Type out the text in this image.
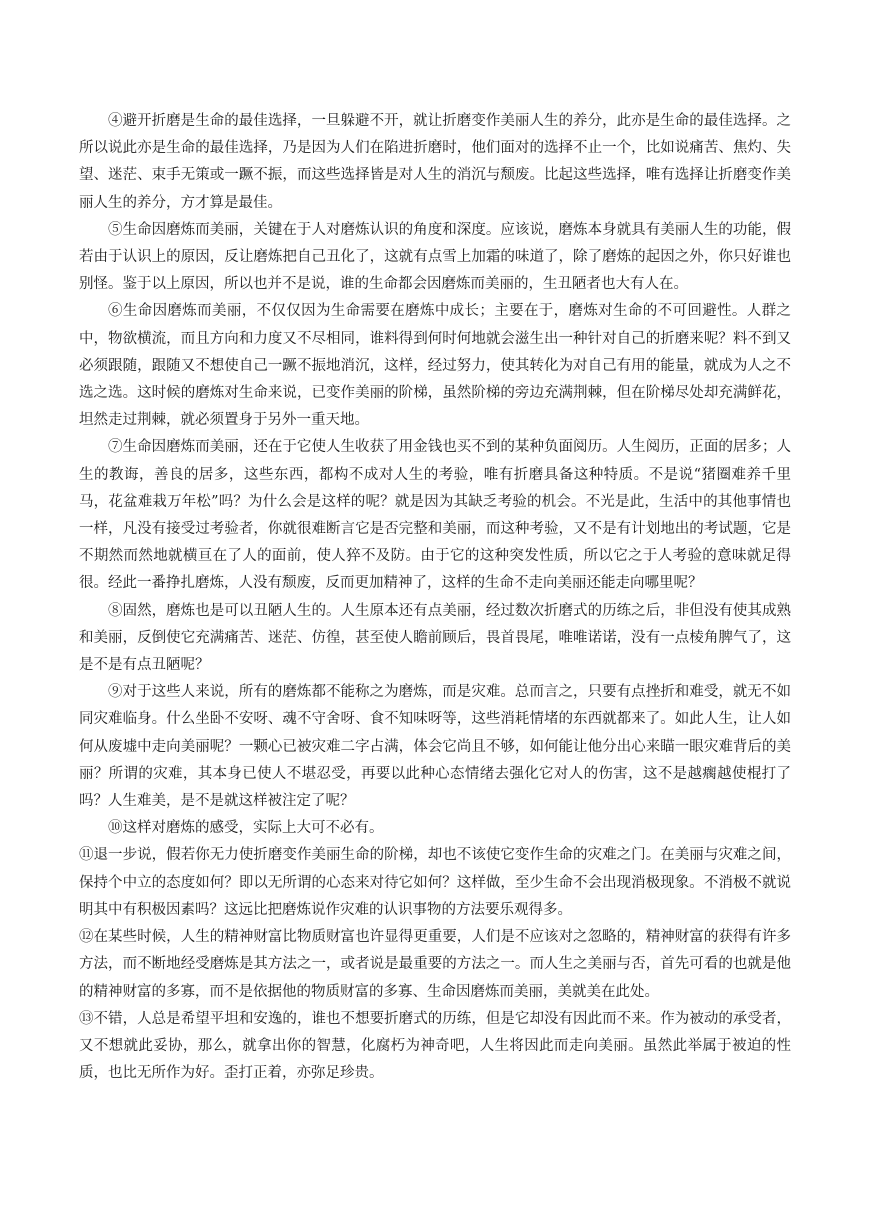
④避开折磨是生命的最佳选择，一旦躲避不开，就让折磨变作美丽人生的养分，此亦是生命的最佳选择。之所以说此亦是生命的最佳选择，乃是因为人们在陷进折磨时，他们面对的选择不止一个，比如说痛苦、焦灼、失望、迷茫、束手无策或一蹶不振，而这些选择皆是对人生的消沉与颓废。比起这些选择，唯有选择让折磨变作美丽人生的养分，方才算是最佳。

⑤生命因磨炼而美丽，关键在于人对磨炼认识的角度和深度。应该说，磨炼本身就具有美丽人生的功能，假若由于认识上的原因，反让磨炼把自己丑化了，这就有点雪上加霜的味道了，除了磨炼的起因之外，你只好谁也别怪。鉴于以上原因，所以也并不是说，谁的生命都会因磨炼而美丽的，生丑陋者也大有人在。

⑥生命因磨炼而美丽，不仅仅因为生命需要在磨炼中成长；主要在于，磨炼对生命的不可回避性。人群之中，物欲横流，而且方向和力度又不尽相同，谁料得到何时何地就会滋生出一种针对自己的折磨来呢？料不到又必须跟随，跟随又不想使自己一蹶不振地消沉，这样，经过努力，使其转化为对自己有用的能量，就成为人之不选之选。这时候的磨炼对生命来说，已变作美丽的阶梯，虽然阶梯的旁边充满荆棘，但在阶梯尽处却充满鲜花，坦然走过荆棘，就必须置身于另外一重天地。

⑦生命因磨炼而美丽，还在于它使人生收获了用金钱也买不到的某种负面阅历。人生阅历，正面的居多；人生的教诲，善良的居多，这些东西，都构不成对人生的考验，唯有折磨具备这种特质。不是说“猪圈难养千里马，花盆难栽万年松”吗？为什么会是这样的呢？就是因为其缺乏考验的机会。不光是此，生活中的其他事情也一样，凡没有接受过考验者，你就很难断言它是否完整和美丽，而这种考验，又不是有计划地出的考试题，它是不期然而然地就横亘在了人的面前，使人猝不及防。由于它的这种突发性质，所以它之于人考验的意味就足得很。经此一番挣扎磨炼，人没有颓废，反而更加精神了，这样的生命不走向美丽还能走向哪里呢？

⑧固然，磨炼也是可以丑陋人生的。人生原本还有点美丽，经过数次折磨式的历练之后，非但没有使其成熟和美丽，反倒使它充满痛苦、迷茫、仿徨，甚至使人瞻前顾后，畏首畏尾，唯唯诺诺，没有一点棱角脾气了，这是不是有点丑陋呢？

⑨对于这些人来说，所有的磨炼都不能称之为磨炼，而是灾难。总而言之，只要有点挫折和难受，就无不如同灾难临身。什么坐卧不安呀、魂不守舍呀、食不知味呀等，这些消耗情堵的东西就都来了。如此人生，让人如何从废墟中走向美丽呢？一颗心已被灾难二字占满，体会它尚且不够，如何能让他分出心来瞄一眼灾难背后的美丽？所谓的灾难，其本身已使人不堪忍受，再要以此种心态情绪去强化它对人的伤害，这不是越瘸越使棍打了吗？人生难美，是不是就这样被注定了呢？

⑩这样对磨炼的感受，实际上大可不必有。

⑪退一步说，假若你无力使折磨变作美丽生命的阶梯，却也不该使它变作生命的灾难之门。在美丽与灾难之间，保持个中立的态度如何？即以无所谓的心态来对待它如何？这样做，至少生命不会出现消极现象。不消极不就说明其中有积极因素吗？这远比把磨炼说作灾难的认识事物的方法要乐观得多。

⑫在某些时候，人生的精神财富比物质财富也许显得更重要，人们是不应该对之忽略的，精神财富的获得有许多方法，而不断地经受磨炼是其方法之一，或者说是最重要的方法之一。而人生之美丽与否，首先可看的也就是他的精神财富的多寡，而不是依据他的物质财富的多寡、生命因磨炼而美丽，美就美在此处。

⑬不错，人总是希望平坦和安逸的，谁也不想要折磨式的历练，但是它却没有因此而不来。作为被动的承受者，又不想就此妥协，那么，就拿出你的智慧，化腐朽为神奇吧，人生将因此而走向美丽。虽然此举属于被迫的性质，也比无所作为好。歪打正着，亦弥足珍贵。
